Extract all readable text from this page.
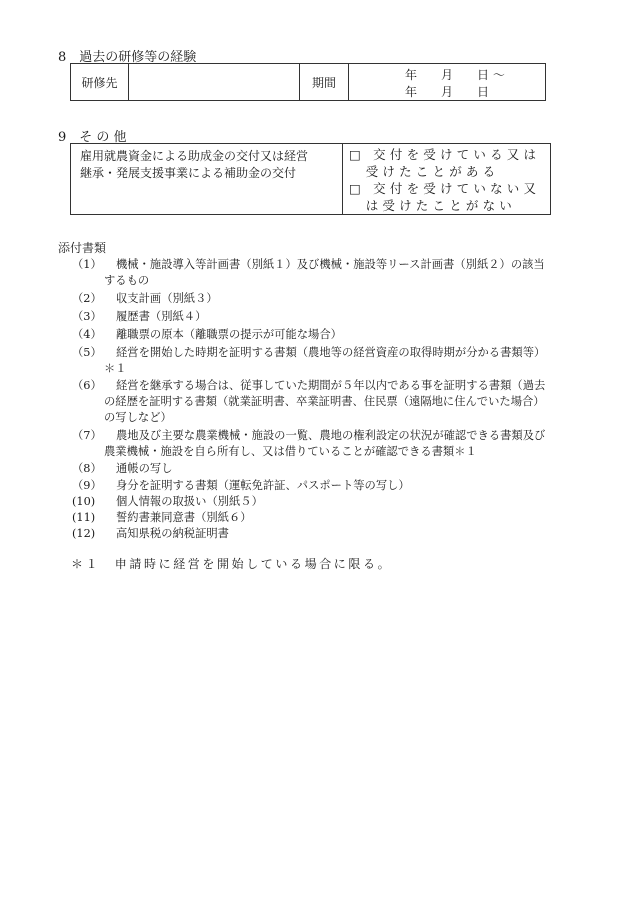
8　過去の研修等の経験
研修先		期間	
年　　月　　日 ～
年　　月　　日
9　そ の 他
雇用就農資金による助成金の交付又は経営
継承・発展支援事業による補助金の交付

□ 交付を受けている又は
　受けたことがある
□ 交付を受けていない又
　は受けたことがない
添付書類
（1） 機械・施設導入等計画書（別紙１）及び機械・施設等リース計画書（別紙２）の該当
するもの
（2） 収支計画（別紙３）
（3） 履歴書（別紙４）
（4） 離職票の原本（離職票の提示が可能な場合）
（5） 経営を開始した時期を証明する書類（農地等の経営資産の取得時期が分かる書類等）
＊１
（6） 経営を継承する場合は、従事していた期間が５年以内である事を証明する書類（過去
の経歴を証明する書類（就業証明書、卒業証明書、住民票（遠隔地に住んでいた場合）
の写しなど）
（7） 農地及び主要な農業機械・施設の一覧、農地の権利設定の状況が確認できる書類及び
農業機械・施設を自ら所有し、又は借りていることが確認できる書類＊１
（8） 通帳の写し
（9） 身分を証明する書類（運転免許証、パスポート等の写し）
(10) 個人情報の取扱い（別紙５）
(11) 誓約書兼同意書（別紙６）
(12) 高知県税の納税証明書
＊１　申請時に経営を開始している場合に限る。
